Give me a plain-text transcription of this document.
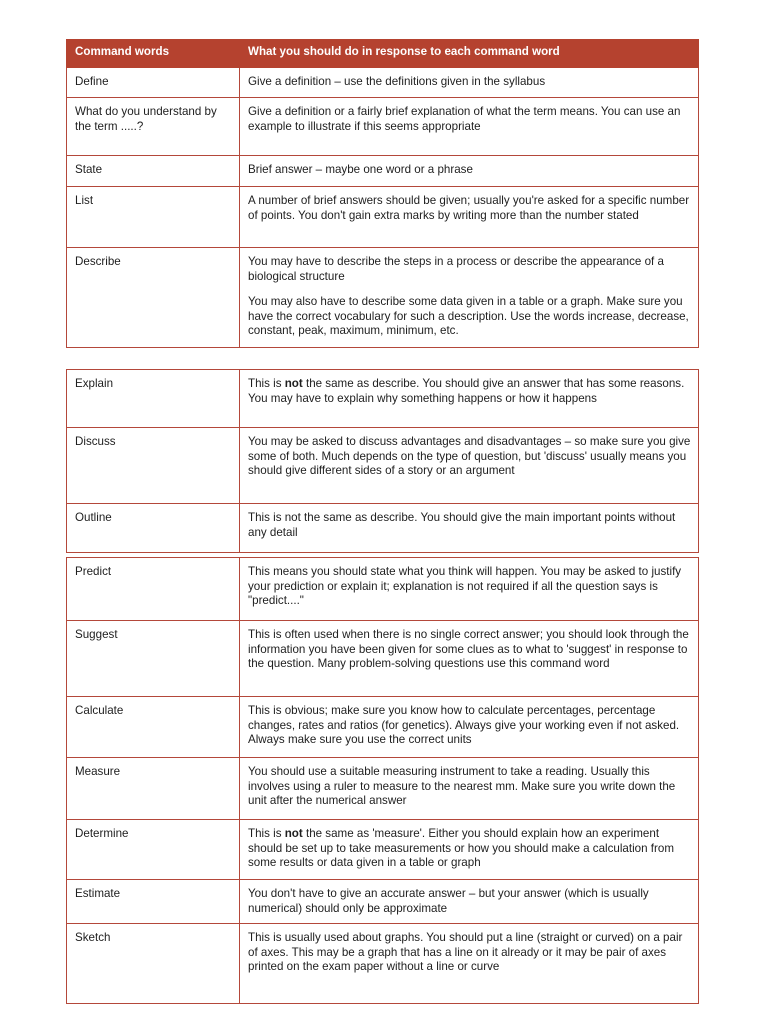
Command words	What you should do in response to each command word

Define	Give a definition – use the definitions given in the syllabus

What do you understand by the term .....?	Give a definition or a fairly brief explanation of what the term means. You can use an example to illustrate if this seems appropriate

State	Brief answer – maybe one word or a phrase

List	A number of brief answers should be given; usually you're asked for a specific number of points. You don't gain extra marks by writing more than the number stated

Describe	You may have to describe the steps in a process or describe the appearance of a biological structure

You may also have to describe some data given in a table or a graph. Make sure you have the correct vocabulary for such a description. Use the words increase, decrease, constant, peak, maximum, minimum, etc.

Explain	This is not the same as describe. You should give an answer that has some reasons. You may have to explain why something happens or how it happens

Discuss	You may be asked to discuss advantages and disadvantages – so make sure you give some of both. Much depends on the type of question, but 'discuss' usually means you should give different sides of a story or an argument

Outline	This is not the same as describe. You should give the main important points without any detail

Predict	This means you should state what you think will happen. You may be asked to justify your prediction or explain it; explanation is not required if all the question says is "predict...."

Suggest	This is often used when there is no single correct answer; you should look through the information you have been given for some clues as to what to 'suggest' in response to the question. Many problem-solving questions use this command word

Calculate	This is obvious; make sure you know how to calculate percentages, percentage changes, rates and ratios (for genetics). Always give your working even if not asked. Always make sure you use the correct units

Measure	You should use a suitable measuring instrument to take a reading. Usually this involves using a ruler to measure to the nearest mm. Make sure you write down the unit after the numerical answer

Determine	This is not the same as 'measure'. Either you should explain how an experiment should be set up to take measurements or how you should make a calculation from some results or data given in a table or graph

Estimate	You don't have to give an accurate answer – but your answer (which is usually numerical) should only be approximate

Sketch	This is usually used about graphs. You should put a line (straight or curved) on a pair of axes. This may be a graph that has a line on it already or it may be pair of axes printed on the exam paper without a line or curve
